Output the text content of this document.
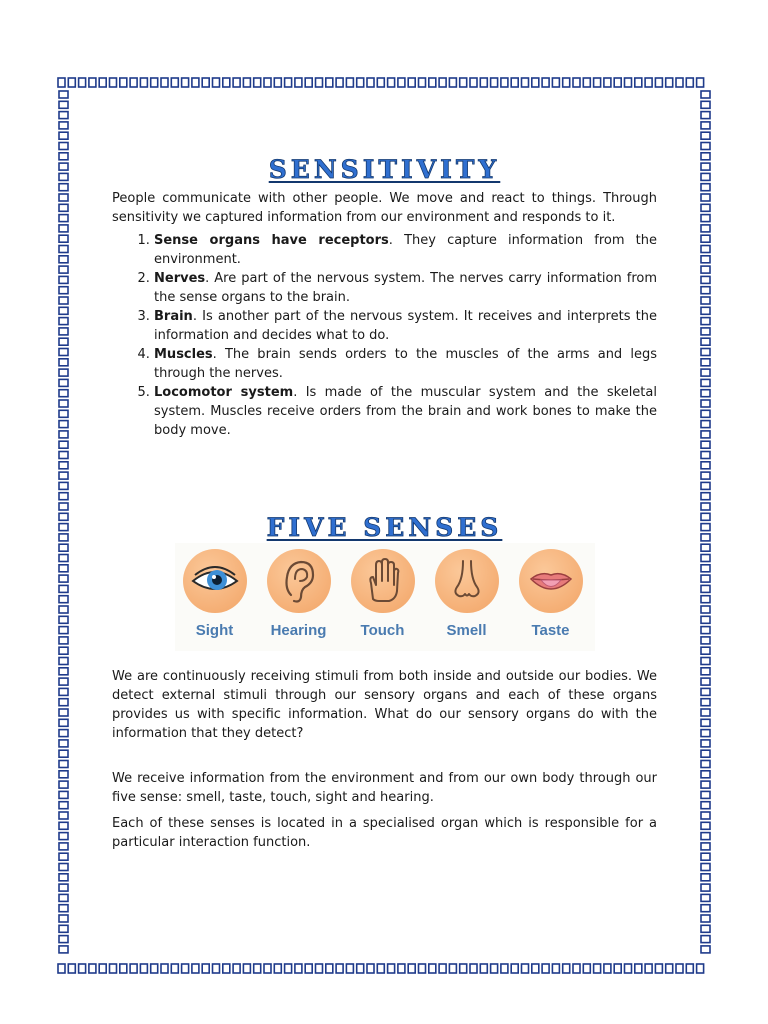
SENSITIVITY

People communicate with other people. We move and react to things. Through sensitivity we captured information from our environment and responds to it.

1. Sense organs have receptors. They capture information from the environment.
2. Nerves. Are part of the nervous system. The nerves carry information from the sense organs to the brain.
3. Brain. Is another part of the nervous system. It receives and interprets the information and decides what to do.
4. Muscles. The brain sends orders to the muscles of the arms and legs through the nerves.
5. Locomotor system. Is made of the muscular system and the skeletal system. Muscles receive orders from the brain and work bones to make the body move.
FIVE SENSES
Sight	Hearing	Touch	Smell	Taste

We are continuously receiving stimuli from both inside and outside our bodies. We detect external stimuli through our sensory organs and each of these organs provides us with specific information. What do our sensory organs do with the information that they detect?

We receive information from the environment and from our own body through our five sense: smell, taste, touch, sight and hearing.

Each of these senses is located in a specialised organ which is responsible for a particular interaction function.
